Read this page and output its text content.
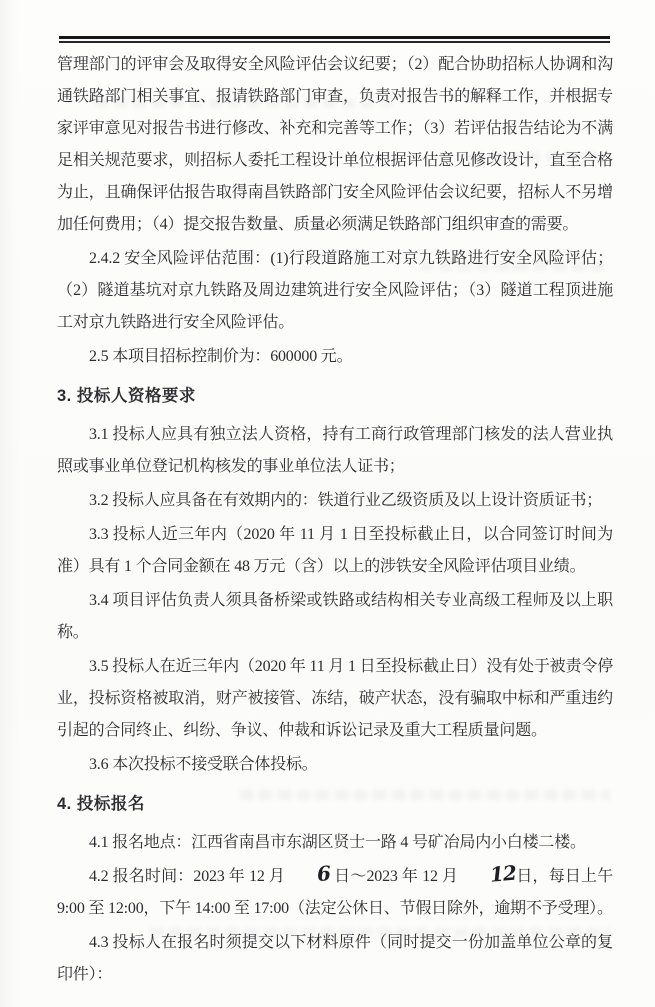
管理部门的评审会及取得安全风险评估会议纪要；（2）配合协助招标人协调和沟通铁路部门相关事宜、报请铁路部门审查，负责对报告书的解释工作，并根据专家评审意见对报告书进行修改、补充和完善等工作；（3）若评估报告结论为不满足相关规范要求，则招标人委托工程设计单位根据评估意见修改设计，直至合格为止，且确保评估报告取得南昌铁路部门安全风险评估会议纪要，招标人不另增加任何费用；（4）提交报告数量、质量必须满足铁路部门组织审查的需要。

2.4.2 安全风险评估范围：(1)行段道路施工对京九铁路进行安全风险评估；（2）隧道基坑对京九铁路及周边建筑进行安全风险评估；（3）隧道工程顶进施工对京九铁路进行安全风险评估。

2.5 本项目招标控制价为：600000 元。

3. 投标人资格要求

3.1 投标人应具有独立法人资格，持有工商行政管理部门核发的法人营业执照或事业单位登记机构核发的事业单位法人证书；

3.2 投标人应具备在有效期内的：铁道行业乙级资质及以上设计资质证书；

3.3 投标人近三年内（2020 年 11 月 1 日至投标截止日，以合同签订时间为准）具有 1 个合同金额在 48 万元（含）以上的涉铁安全风险评估项目业绩。

3.4 项目评估负责人须具备桥梁或铁路或结构相关专业高级工程师及以上职称。

3.5 投标人在近三年内（2020 年 11 月 1 日至投标截止日）没有处于被责令停业，投标资格被取消，财产被接管、冻结，破产状态，没有骗取中标和严重违约引起的合同终止、纠纷、争议、仲裁和诉讼记录及重大工程质量问题。

3.6 本次投标不接受联合体投标。

4. 投标报名

4.1 报名地点：江西省南昌市东湖区贤士一路 4 号矿冶局内小白楼二楼。

4.2 报名时间：2023 年 12 月 6 日～2023 年 12 月 12日，每日上午 9:00 至 12:00，下午 14:00 至 17:00（法定公休日、节假日除外，逾期不予受理）。

4.3 投标人在报名时须提交以下材料原件（同时提交一份加盖单位公章的复印件）：
